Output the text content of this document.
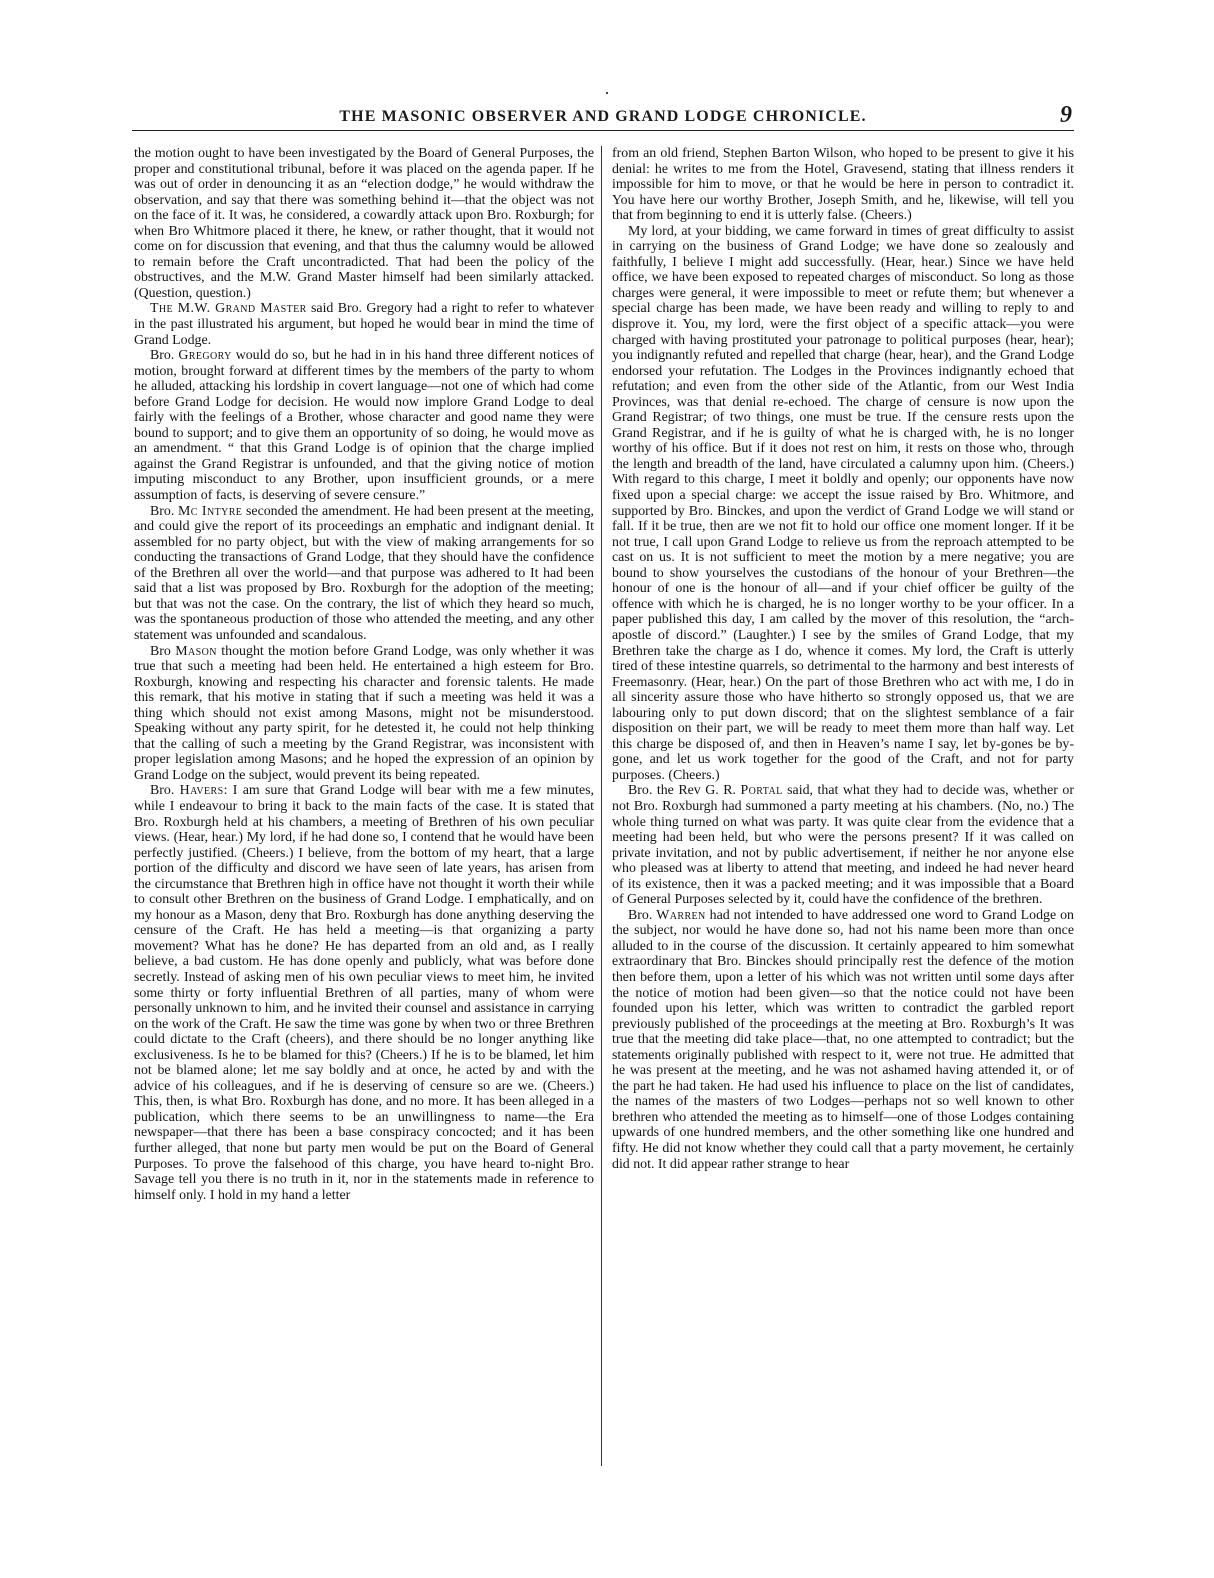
THE MASONIC OBSERVER AND GRAND LODGE CHRONICLE.	9

the motion ought to have been investigated by the Board of General Purposes, the proper and constitutional tribunal, before it was placed on the agenda paper. If he was out of order in denouncing it as an “election dodge,” he would withdraw the observation, and say that there was something behind it—that the object was not on the face of it. It was, he considered, a cowardly attack upon Bro. Roxburgh; for when Bro Whitmore placed it there, he knew, or rather thought, that it would not come on for discussion that evening, and that thus the calumny would be allowed to remain before the Craft uncontradicted. That had been the policy of the obstructives, and the M.W. Grand Master himself had been similarly attacked. (Question, question.)

The M.W. Grand Master said Bro. Gregory had a right to refer to whatever in the past illustrated his argument, but hoped he would bear in mind the time of Grand Lodge.

Bro. Gregory would do so, but he had in in his hand three different notices of motion, brought forward at different times by the members of the party to whom he alluded, attacking his lordship in covert language—not one of which had come before Grand Lodge for decision. He would now implore Grand Lodge to deal fairly with the feelings of a Brother, whose character and good name they were bound to support; and to give them an opportunity of so doing, he would move as an amendment. “ that this Grand Lodge is of opinion that the charge implied against the Grand Registrar is unfounded, and that the giving notice of motion imputing misconduct to any Brother, upon insufficient grounds, or a mere assumption of facts, is deserving of severe censure.”

Bro. Mc Intyre seconded the amendment. He had been present at the meeting, and could give the report of its proceedings an emphatic and indignant denial. It assembled for no party object, but with the view of making arrangements for so conducting the transactions of Grand Lodge, that they should have the confidence of the Brethren all over the world—and that purpose was adhered to It had been said that a list was proposed by Bro. Roxburgh for the adoption of the meeting; but that was not the case. On the contrary, the list of which they heard so much, was the spontaneous production of those who attended the meeting, and any other statement was unfounded and scandalous.

Bro Mason thought the motion before Grand Lodge, was only whether it was true that such a meeting had been held. He entertained a high esteem for Bro. Roxburgh, knowing and respecting his character and forensic talents. He made this remark, that his motive in stating that if such a meeting was held it was a thing which should not exist among Masons, might not be misunderstood. Speaking without any party spirit, for he detested it, he could not help thinking that the calling of such a meeting by the Grand Registrar, was inconsistent with proper legislation among Masons; and he hoped the expression of an opinion by Grand Lodge on the subject, would prevent its being repeated.

Bro. Havers: I am sure that Grand Lodge will bear with me a few minutes, while I endeavour to bring it back to the main facts of the case. It is stated that Bro. Roxburgh held at his chambers, a meeting of Brethren of his own peculiar views. (Hear, hear.) My lord, if he had done so, I contend that he would have been perfectly justified. (Cheers.) I believe, from the bottom of my heart, that a large portion of the difficulty and discord we have seen of late years, has arisen from the circumstance that Brethren high in office have not thought it worth their while to consult other Brethren on the business of Grand Lodge. I emphatically, and on my honour as a Mason, deny that Bro. Roxburgh has done anything deserving the censure of the Craft. He has held a meeting—is that organizing a party movement? What has he done? He has departed from an old and, as I really believe, a bad custom. He has done openly and publicly, what was before done secretly. Instead of asking men of his own peculiar views to meet him, he invited some thirty or forty influential Brethren of all parties, many of whom were personally unknown to him, and he invited their counsel and assistance in carrying on the work of the Craft. He saw the time was gone by when two or three Brethren could dictate to the Craft (cheers), and there should be no longer anything like exclusiveness. Is he to be blamed for this? (Cheers.) If he is to be blamed, let him not be blamed alone; let me say boldly and at once, he acted by and with the advice of his colleagues, and if he is deserving of censure so are we. (Cheers.) This, then, is what Bro. Roxburgh has done, and no more. It has been alleged in a publication, which there seems to be an unwillingness to name—the Era newspaper—that there has been a base conspiracy concocted; and it has been further alleged, that none but party men would be put on the Board of General Purposes. To prove the falsehood of this charge, you have heard to-night Bro. Savage tell you there is no truth in it, nor in the statements made in reference to himself only. I hold in my hand a letter

from an old friend, Stephen Barton Wilson, who hoped to be present to give it his denial: he writes to me from the Hotel, Gravesend, stating that illness renders it impossible for him to move, or that he would be here in person to contradict it. You have here our worthy Brother, Joseph Smith, and he, likewise, will tell you that from beginning to end it is utterly false. (Cheers.)

My lord, at your bidding, we came forward in times of great difficulty to assist in carrying on the business of Grand Lodge; we have done so zealously and faithfully, I believe I might add successfully. (Hear, hear.) Since we have held office, we have been exposed to repeated charges of misconduct. So long as those charges were general, it were impossible to meet or refute them; but whenever a special charge has been made, we have been ready and willing to reply to and disprove it. You, my lord, were the first object of a specific attack—you were charged with having prostituted your patronage to political purposes (hear, hear); you indignantly refuted and repelled that charge (hear, hear), and the Grand Lodge endorsed your refutation. The Lodges in the Provinces indignantly echoed that refutation; and even from the other side of the Atlantic, from our West India Provinces, was that denial re-echoed. The charge of censure is now upon the Grand Registrar; of two things, one must be true. If the censure rests upon the Grand Registrar, and if he is guilty of what he is charged with, he is no longer worthy of his office. But if it does not rest on him, it rests on those who, through the length and breadth of the land, have circulated a calumny upon him. (Cheers.) With regard to this charge, I meet it boldly and openly; our opponents have now fixed upon a special charge: we accept the issue raised by Bro. Whitmore, and supported by Bro. Binckes, and upon the verdict of Grand Lodge we will stand or fall. If it be true, then are we not fit to hold our office one moment longer. If it be not true, I call upon Grand Lodge to relieve us from the reproach attempted to be cast on us. It is not sufficient to meet the motion by a mere negative; you are bound to show yourselves the custodians of the honour of your Brethren—the honour of one is the honour of all—and if your chief officer be guilty of the offence with which he is charged, he is no longer worthy to be your officer. In a paper published this day, I am called by the mover of this resolution, the “arch-apostle of discord.” (Laughter.) I see by the smiles of Grand Lodge, that my Brethren take the charge as I do, whence it comes. My lord, the Craft is utterly tired of these intestine quarrels, so detrimental to the harmony and best interests of Freemasonry. (Hear, hear.) On the part of those Brethren who act with me, I do in all sincerity assure those who have hitherto so strongly opposed us, that we are labouring only to put down discord; that on the slightest semblance of a fair disposition on their part, we will be ready to meet them more than half way. Let this charge be disposed of, and then in Heaven’s name I say, let by-gones be by-gone, and let us work together for the good of the Craft, and not for party purposes. (Cheers.)

Bro. the Rev G. R. Portal said, that what they had to decide was, whether or not Bro. Roxburgh had summoned a party meeting at his chambers. (No, no.) The whole thing turned on what was party. It was quite clear from the evidence that a meeting had been held, but who were the persons present? If it was called on private invitation, and not by public advertisement, if neither he nor anyone else who pleased was at liberty to attend that meeting, and indeed he had never heard of its existence, then it was a packed meeting; and it was impossible that a Board of General Purposes selected by it, could have the confidence of the brethren.

Bro. Warren had not intended to have addressed one word to Grand Lodge on the subject, nor would he have done so, had not his name been more than once alluded to in the course of the discussion. It certainly appeared to him somewhat extraordinary that Bro. Binckes should principally rest the defence of the motion then before them, upon a letter of his which was not written until some days after the notice of motion had been given—so that the notice could not have been founded upon his letter, which was written to contradict the garbled report previously published of the proceedings at the meeting at Bro. Roxburgh’s It was true that the meeting did take place—that, no one attempted to contradict; but the statements originally published with respect to it, were not true. He admitted that he was present at the meeting, and he was not ashamed having attended it, or of the part he had taken. He had used his influence to place on the list of candidates, the names of the masters of two Lodges—perhaps not so well known to other brethren who attended the meeting as to himself—one of those Lodges containing upwards of one hundred members, and the other something like one hundred and fifty. He did not know whether they could call that a party movement, he certainly did not. It did appear rather strange to hear
